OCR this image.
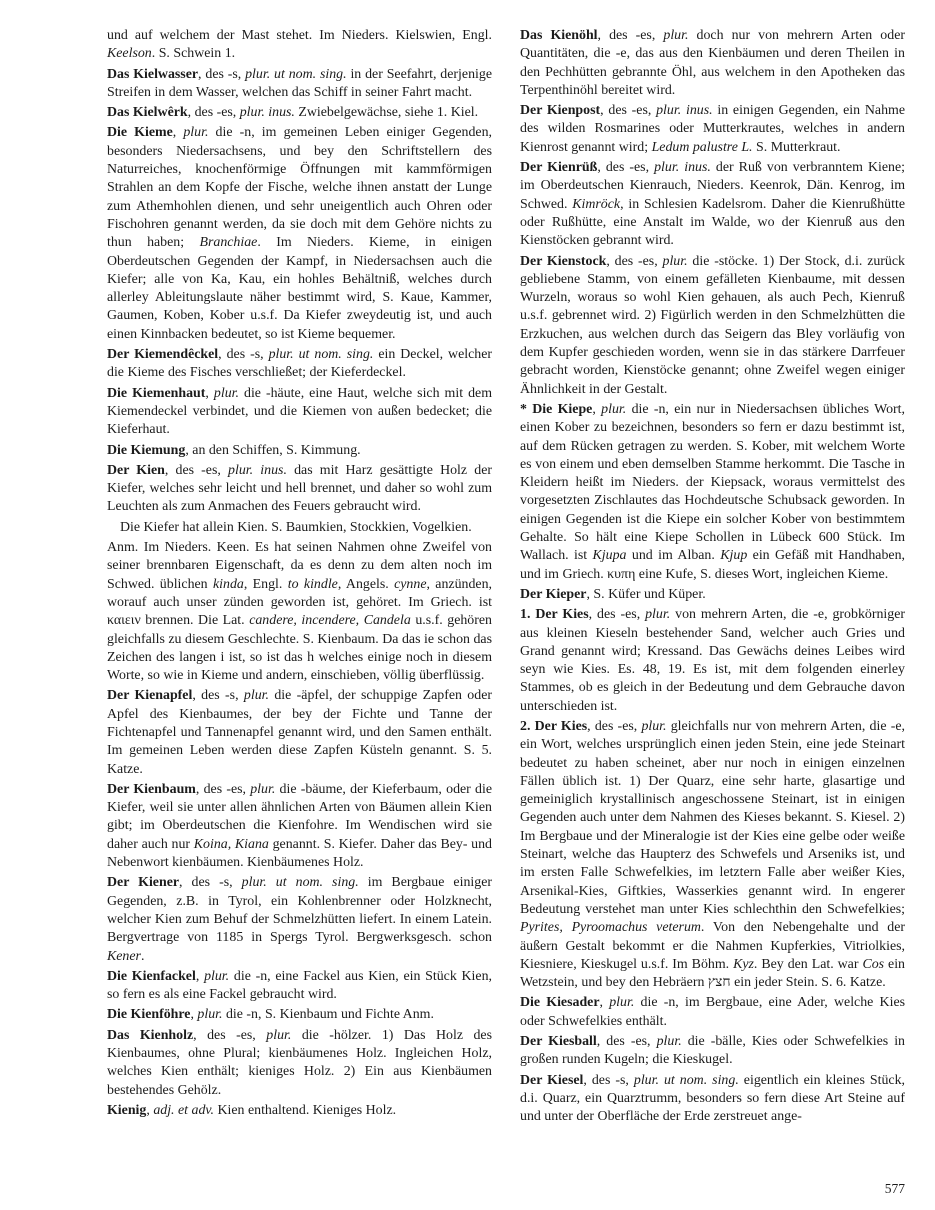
und auf welchem der Mast stehet. Im Nieders. Kielswien, Engl. Keelson. S. Schwein 1.

Das Kielwasser, des -s, plur. ut nom. sing. in der Seefahrt, derjenige Streifen in dem Wasser, welchen das Schiff in seiner Fahrt macht.

Das Kielwêrk, des -es, plur. inus. Zwiebelgewächse, siehe 1. Kiel.

Die Kieme, plur. die -n, im gemeinen Leben einiger Gegenden, besonders Niedersachsens, und bey den Schriftstellern des Naturreiches, knochenförmige Öffnungen mit kammförmigen Strahlen an dem Kopfe der Fische, welche ihnen anstatt der Lunge zum Athemhohlen dienen, und sehr uneigentlich auch Ohren oder Fischohren genannt werden, da sie doch mit dem Gehöre nichts zu thun haben; Branchiae. Im Nieders. Kieme, in einigen Oberdeutschen Gegenden der Kampf, in Niedersachsen auch die Kiefer; alle von Ka, Kau, ein hohles Behältniß, welches durch allerley Ableitungslaute näher bestimmt wird, S. Kaue, Kammer, Gaumen, Koben, Kober u.s.f. Da Kiefer zweydeutig ist, und auch einen Kinnbacken bedeutet, so ist Kieme bequemer.

Der Kiemendêckel, des -s, plur. ut nom. sing. ein Deckel, welcher die Kieme des Fisches verschließet; der Kieferdeckel.

Die Kiemenhaut, plur. die -häute, eine Haut, welche sich mit dem Kiemendeckel verbindet, und die Kiemen von außen bedecket; die Kieferhaut.

Die Kiemung, an den Schiffen, S. Kimmung.

Der Kien, des -es, plur. inus. das mit Harz gesättigte Holz der Kiefer, welches sehr leicht und hell brennet, und daher so wohl zum Leuchten als zum Anmachen des Feuers gebraucht wird.

Die Kiefer hat allein Kien. S. Baumkien, Stockkien, Vogelkien.

Anm. Im Nieders. Keen. Es hat seinen Nahmen ohne Zweifel von seiner brennbaren Eigenschaft, da es denn zu dem alten noch im Schwed. üblichen kinda, Engl. to kindle, Angels. cynne, anzünden, worauf auch unser zünden geworden ist, gehöret. Im Griech. ist καιειν brennen. Die Lat. candere, incendere, Candela u.s.f. gehören gleichfalls zu diesem Geschlechte. S. Kienbaum. Da das ie schon das Zeichen des langen i ist, so ist das h welches einige noch in diesem Worte, so wie in Kieme und andern, einschieben, völlig überflüssig.

Der Kienapfel, des -s, plur. die -äpfel, der schuppige Zapfen oder Apfel des Kienbaumes, der bey der Fichte und Tanne der Fichtenapfel und Tannenapfel genannt wird, und den Samen enthält. Im gemeinen Leben werden diese Zapfen Küsteln genannt. S. 5. Katze.

Der Kienbaum, des -es, plur. die -bäume, der Kieferbaum, oder die Kiefer, weil sie unter allen ähnlichen Arten von Bäumen allein Kien gibt; im Oberdeutschen die Kienfohre. Im Wendischen wird sie daher auch nur Koina, Kiana genannt. S. Kiefer. Daher das Bey- und Nebenwort kienbäumen. Kienbäumenes Holz.

Der Kiener, des -s, plur. ut nom. sing. im Bergbaue einiger Gegenden, z.B. in Tyrol, ein Kohlenbrenner oder Holzknecht, welcher Kien zum Behuf der Schmelzhütten liefert. In einem Latein. Bergvertrage von 1185 in Spergs Tyrol. Bergwerksgesch. schon Kener.

Die Kienfackel, plur. die -n, eine Fackel aus Kien, ein Stück Kien, so fern es als eine Fackel gebraucht wird.

Die Kienföhre, plur. die -n, S. Kienbaum und Fichte Anm.

Das Kienholz, des -es, plur. die -hölzer. 1) Das Holz des Kienbaumes, ohne Plural; kienbäumenes Holz. Ingleichen Holz, welches Kien enthält; kieniges Holz. 2) Ein aus Kienbäumen bestehendes Gehölz.

Kienig, adj. et adv. Kien enthaltend. Kieniges Holz.

Das Kienöhl, des -es, plur. doch nur von mehrern Arten oder Quantitäten, die -e, das aus den Kienbäumen und deren Theilen in den Pechhütten gebrannte Öhl, aus welchem in den Apotheken das Terpenthinöhl bereitet wird.

Der Kienpost, des -es, plur. inus. in einigen Gegenden, ein Nahme des wilden Rosmarines oder Mutterkrautes, welches in andern Kienrost genannt wird; Ledum palustre L. S. Mutterkraut.

Der Kienrüß, des -es, plur. inus. der Ruß von verbranntem Kiene; im Oberdeutschen Kienrauch, Nieders. Keenrok, Dän. Kenrog, im Schwed. Kimröck, in Schlesien Kadelsrom. Daher die Kienrußhütte oder Rußhütte, eine Anstalt im Walde, wo der Kienruß aus den Kienstöcken gebrannt wird.

Der Kienstock, des -es, plur. die -stöcke. 1) Der Stock, d.i. zurück gebliebene Stamm, von einem gefälleten Kienbaume, mit dessen Wurzeln, woraus so wohl Kien gehauen, als auch Pech, Kienruß u.s.f. gebrennet wird. 2) Figürlich werden in den Schmelzhütten die Erzkuchen, aus welchen durch das Seigern das Bley vorläufig von dem Kupfer geschieden worden, wenn sie in das stärkere Darrfeuer gebracht worden, Kienstöcke genannt; ohne Zweifel wegen einiger Ähnlichkeit in der Gestalt.

* Die Kiepe, plur. die -n, ein nur in Niedersachsen übliches Wort, einen Kober zu bezeichnen, besonders so fern er dazu bestimmt ist, auf dem Rücken getragen zu werden. S. Kober, mit welchem Worte es von einem und eben demselben Stamme herkommt. Die Tasche in Kleidern heißt im Nieders. der Kiepsack, woraus vermittelst des vorgesetzten Zischlautes das Hochdeutsche Schubsack geworden. In einigen Gegenden ist die Kiepe ein solcher Kober von bestimmtem Gehalte. So hält eine Kiepe Schollen in Lübeck 600 Stück. Im Wallach. ist Kjupa und im Alban. Kjup ein Gefäß mit Handhaben, und im Griech. κυπη eine Kufe, S. dieses Wort, ingleichen Kieme.

Der Kieper, S. Küfer und Küper.

1. Der Kies, des -es, plur. von mehrern Arten, die -e, grobkörniger aus kleinen Kieseln bestehender Sand, welcher auch Gries und Grand genannt wird; Kressand. Das Gewächs deines Leibes wird seyn wie Kies. Es. 48, 19. Es ist, mit dem folgenden einerley Stammes, ob es gleich in der Bedeutung und dem Gebrauche davon unterschieden ist.

2. Der Kies, des -es, plur. gleichfalls nur von mehrern Arten, die -e, ein Wort, welches ursprünglich einen jeden Stein, eine jede Steinart bedeutet zu haben scheinet, aber nur noch in einigen einzelnen Fällen üblich ist. 1) Der Quarz, eine sehr harte, glasartige und gemeiniglich krystallinisch angeschossene Steinart, ist in einigen Gegenden auch unter dem Nahmen des Kieses bekannt. S. Kiesel. 2) Im Bergbaue und der Mineralogie ist der Kies eine gelbe oder weiße Steinart, welche das Haupterz des Schwefels und Arseniks ist, und im ersten Falle Schwefelkies, im letztern Falle aber weißer Kies, Arsenikal-Kies, Giftkies, Wasserkies genannt wird. In engerer Bedeutung verstehet man unter Kies schlechthin den Schwefelkies; Pyrites, Pyroomachus veterum. Von den Nebengehalte und der äußern Gestalt bekommt er die Nahmen Kupferkies, Vitriolkies, Kiesniere, Kieskugel u.s.f. Im Böhm. Kyz. Bey den Lat. war Cos ein Wetzstein, und bey den Hebräern חצץ ein jeder Stein. S. 6. Katze.

Die Kiesader, plur. die -n, im Bergbaue, eine Ader, welche Kies oder Schwefelkies enthält.

Der Kiesball, des -es, plur. die -bälle, Kies oder Schwefelkies in großen runden Kugeln; die Kieskugel.

Der Kiesel, des -s, plur. ut nom. sing. eigentlich ein kleines Stück, d.i. Quarz, ein Quarztrumm, besonders so fern diese Art Steine auf und unter der Oberfläche der Erde zerstreuet ange-

577
